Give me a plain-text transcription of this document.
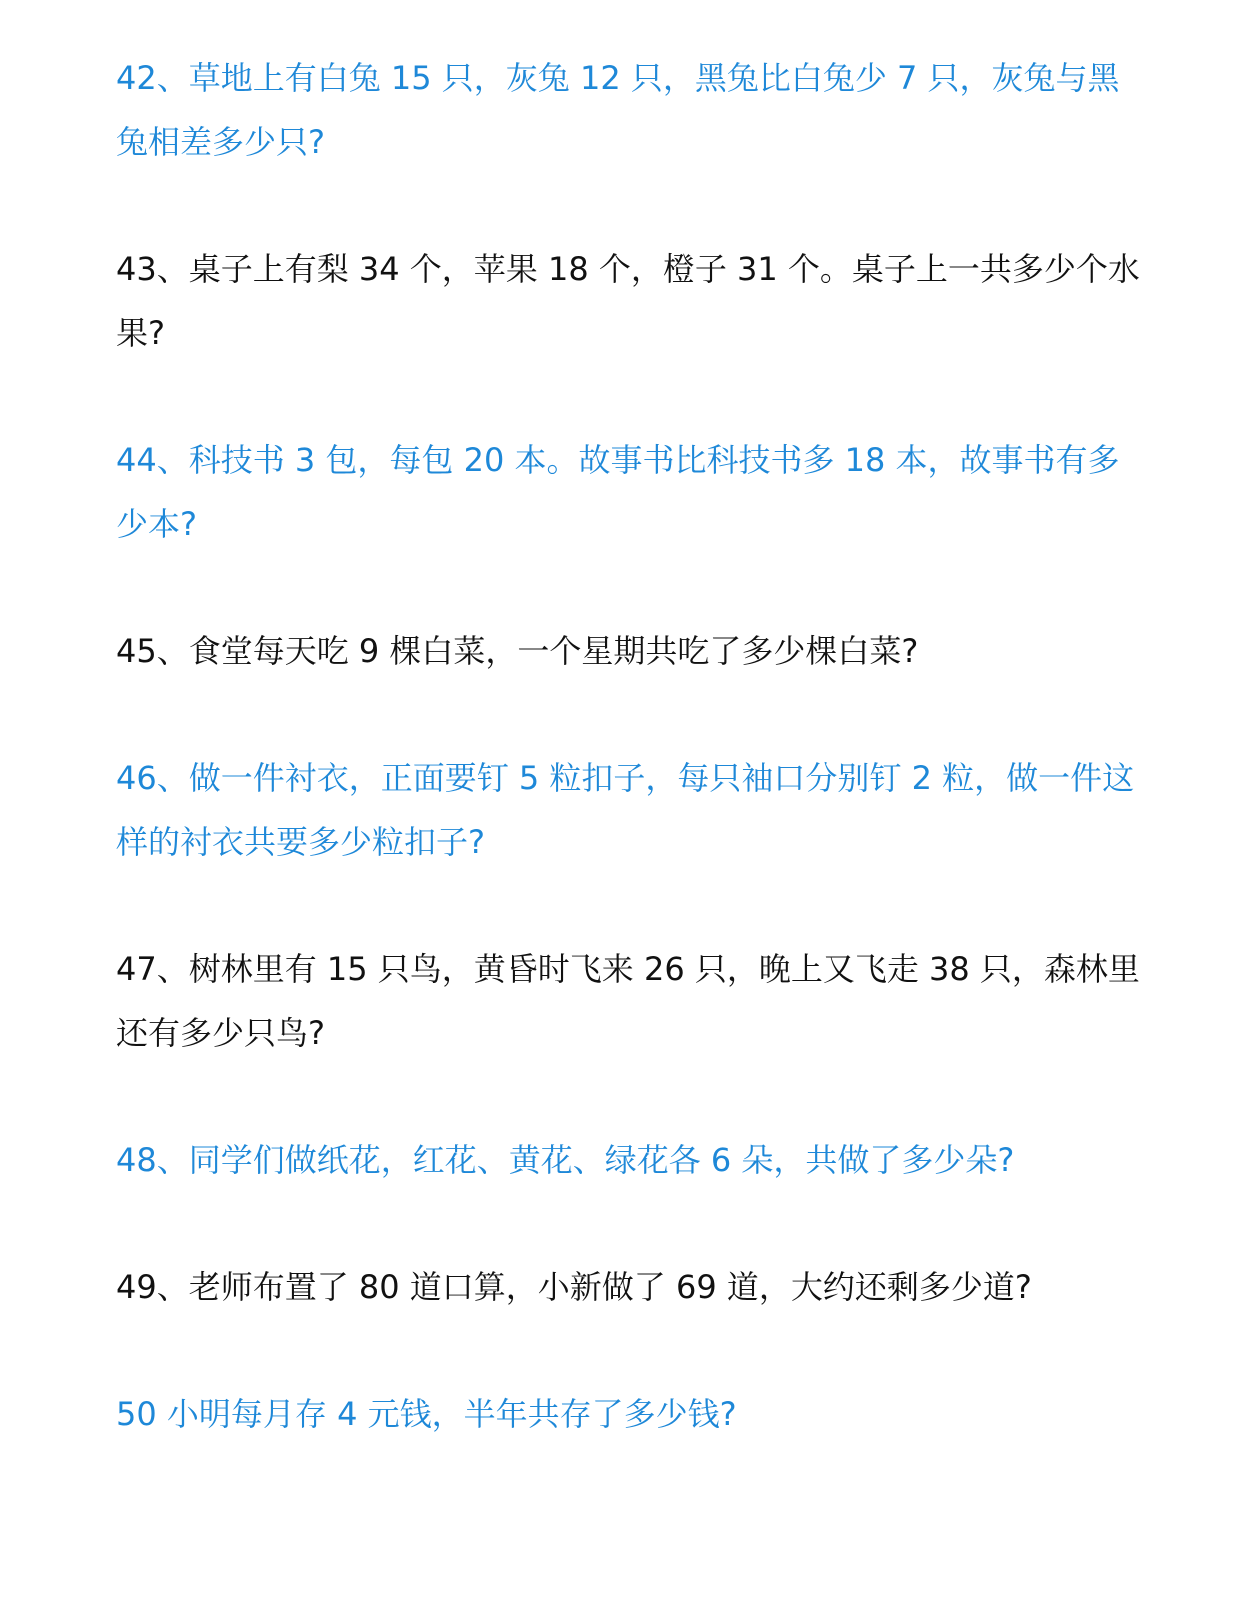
42、草地上有白兔 15 只，灰兔 12 只，黑兔比白兔少 7 只，灰兔与黑
兔相差多少只?
43、桌子上有梨 34 个，苹果 18 个，橙子 31 个。桌子上一共多少个水
果?
44、科技书 3 包，每包 20 本。故事书比科技书多 18 本，故事书有多
少本?
45、食堂每天吃 9 棵白菜，一个星期共吃了多少棵白菜?
46、做一件衬衣，正面要钉 5 粒扣子，每只袖口分别钉 2 粒，做一件这
样的衬衣共要多少粒扣子?
47、树林里有 15 只鸟，黄昏时飞来 26 只，晚上又飞走 38 只，森林里
还有多少只鸟?
48、同学们做纸花，红花、黄花、绿花各 6 朵，共做了多少朵?
49、老师布置了 80 道口算，小新做了 69 道，大约还剩多少道?
50 小明每月存 4 元钱，半年共存了多少钱?
